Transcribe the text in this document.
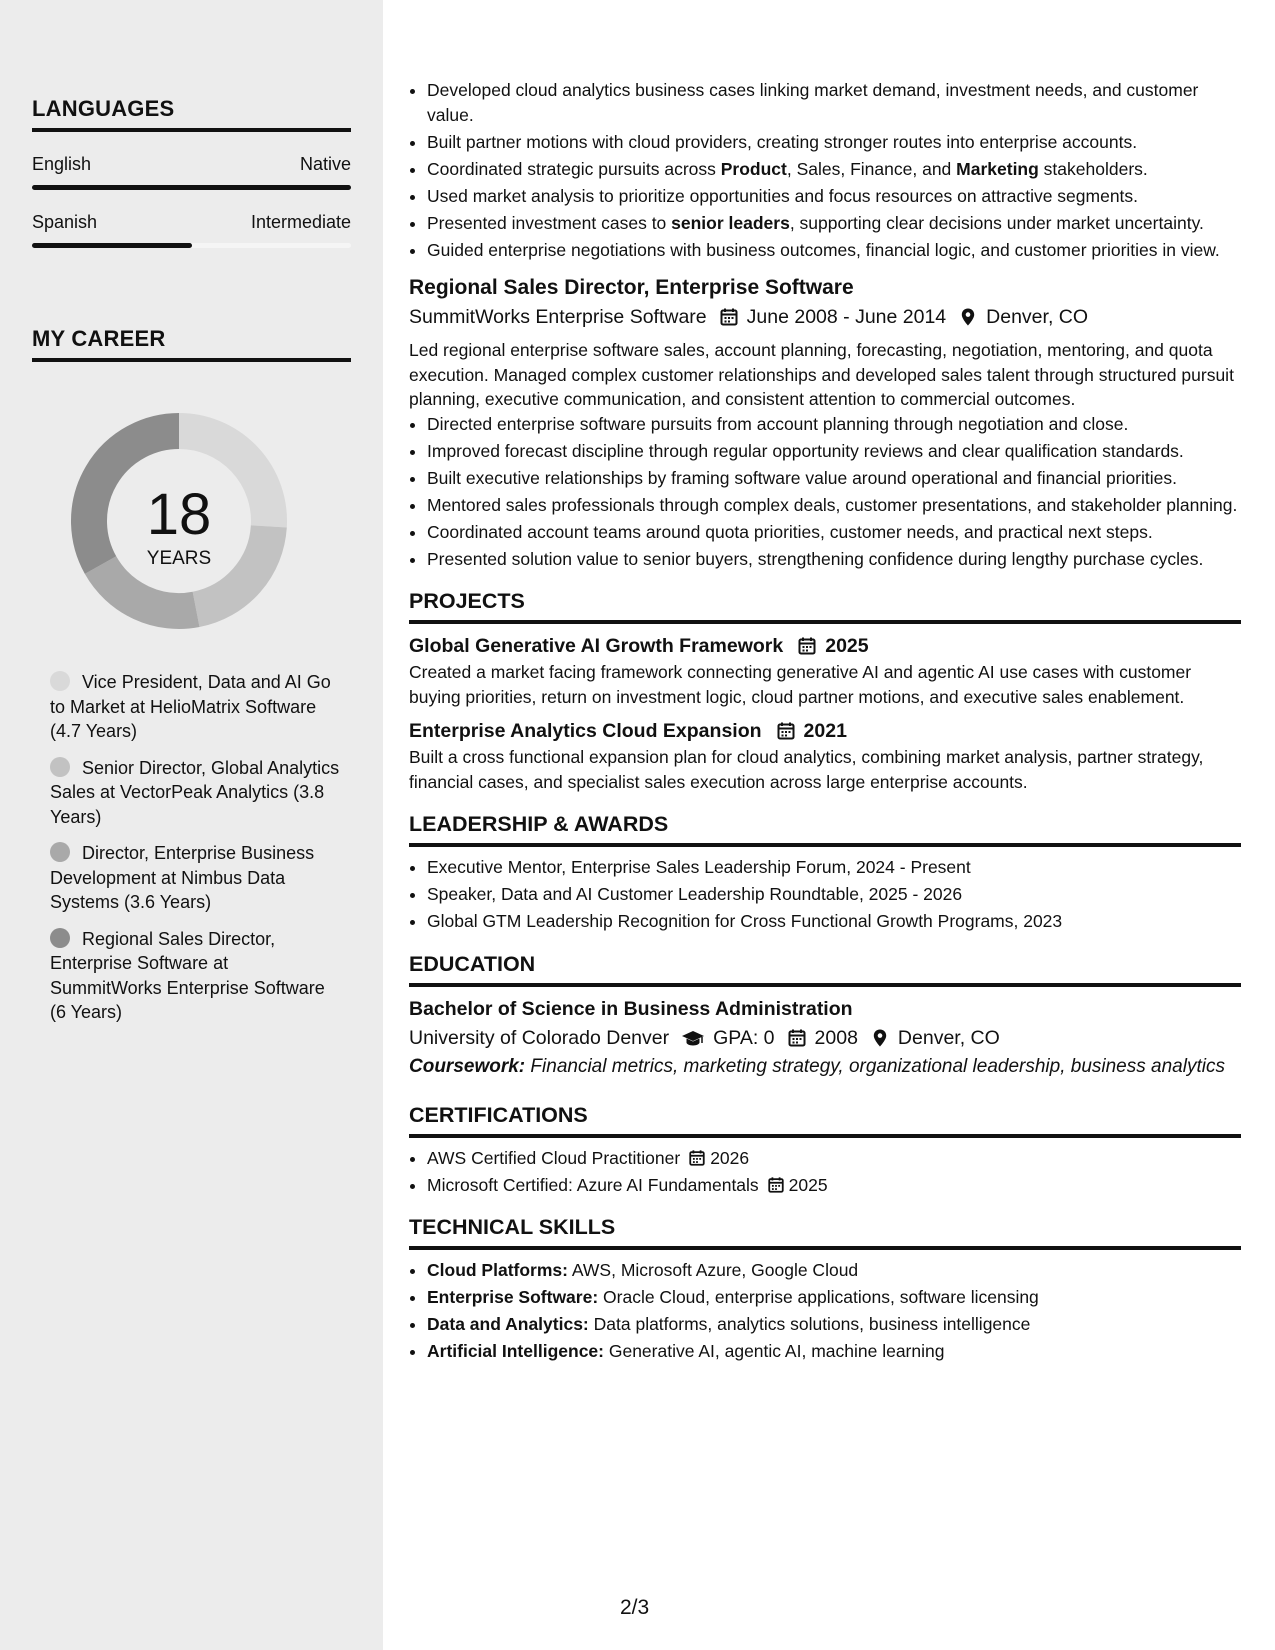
LANGUAGES
English	Native
Spanish	Intermediate
MY CAREER
18
YEARS
Vice President, Data and AI Go to Market at HelioMatrix Software (4.7 Years)
Senior Director, Global Analytics Sales at VectorPeak Analytics (3.8 Years)
Director, Enterprise Business Development at Nimbus Data Systems (3.6 Years)
Regional Sales Director, Enterprise Software at SummitWorks Enterprise Software (6 Years)
• Developed cloud analytics business cases linking market demand, investment needs, and customer value.
• Built partner motions with cloud providers, creating stronger routes into enterprise accounts.
• Coordinated strategic pursuits across Product, Sales, Finance, and Marketing stakeholders.
• Used market analysis to prioritize opportunities and focus resources on attractive segments.
• Presented investment cases to senior leaders, supporting clear decisions under market uncertainty.
• Guided enterprise negotiations with business outcomes, financial logic, and customer priorities in view.
Regional Sales Director, Enterprise Software
SummitWorks Enterprise Software June 2008 - June 2014 Denver, CO

Led regional enterprise software sales, account planning, forecasting, negotiation, mentoring, and quota execution. Managed complex customer relationships and developed sales talent through structured pursuit planning, executive communication, and consistent attention to commercial outcomes.

• Directed enterprise software pursuits from account planning through negotiation and close.
• Improved forecast discipline through regular opportunity reviews and clear qualification standards.
• Built executive relationships by framing software value around operational and financial priorities.
• Mentored sales professionals through complex deals, customer presentations, and stakeholder planning.
• Coordinated account teams around quota priorities, customer needs, and practical next steps.
• Presented solution value to senior buyers, strengthening confidence during lengthy purchase cycles.
PROJECTS
Global Generative AI Growth Framework 2025

Created a market facing framework connecting generative AI and agentic AI use cases with customer buying priorities, return on investment logic, cloud partner motions, and executive sales enablement.

Enterprise Analytics Cloud Expansion 2021

Built a cross functional expansion plan for cloud analytics, combining market analysis, partner strategy, financial cases, and specialist sales execution across large enterprise accounts.

LEADERSHIP & AWARDS
• Executive Mentor, Enterprise Sales Leadership Forum, 2024 - Present
• Speaker, Data and AI Customer Leadership Roundtable, 2025 - 2026
• Global GTM Leadership Recognition for Cross Functional Growth Programs, 2023
EDUCATION
Bachelor of Science in Business Administration
University of Colorado Denver GPA: 0 2008 Denver, CO
Coursework: Financial metrics, marketing strategy, organizational leadership, business analytics
CERTIFICATIONS
• AWS Certified Cloud Practitioner 2026
• Microsoft Certified: Azure AI Fundamentals 2025
TECHNICAL SKILLS
• Cloud Platforms: AWS, Microsoft Azure, Google Cloud
• Enterprise Software: Oracle Cloud, enterprise applications, software licensing
• Data and Analytics: Data platforms, analytics solutions, business intelligence
• Artificial Intelligence: Generative AI, agentic AI, machine learning
2/3
